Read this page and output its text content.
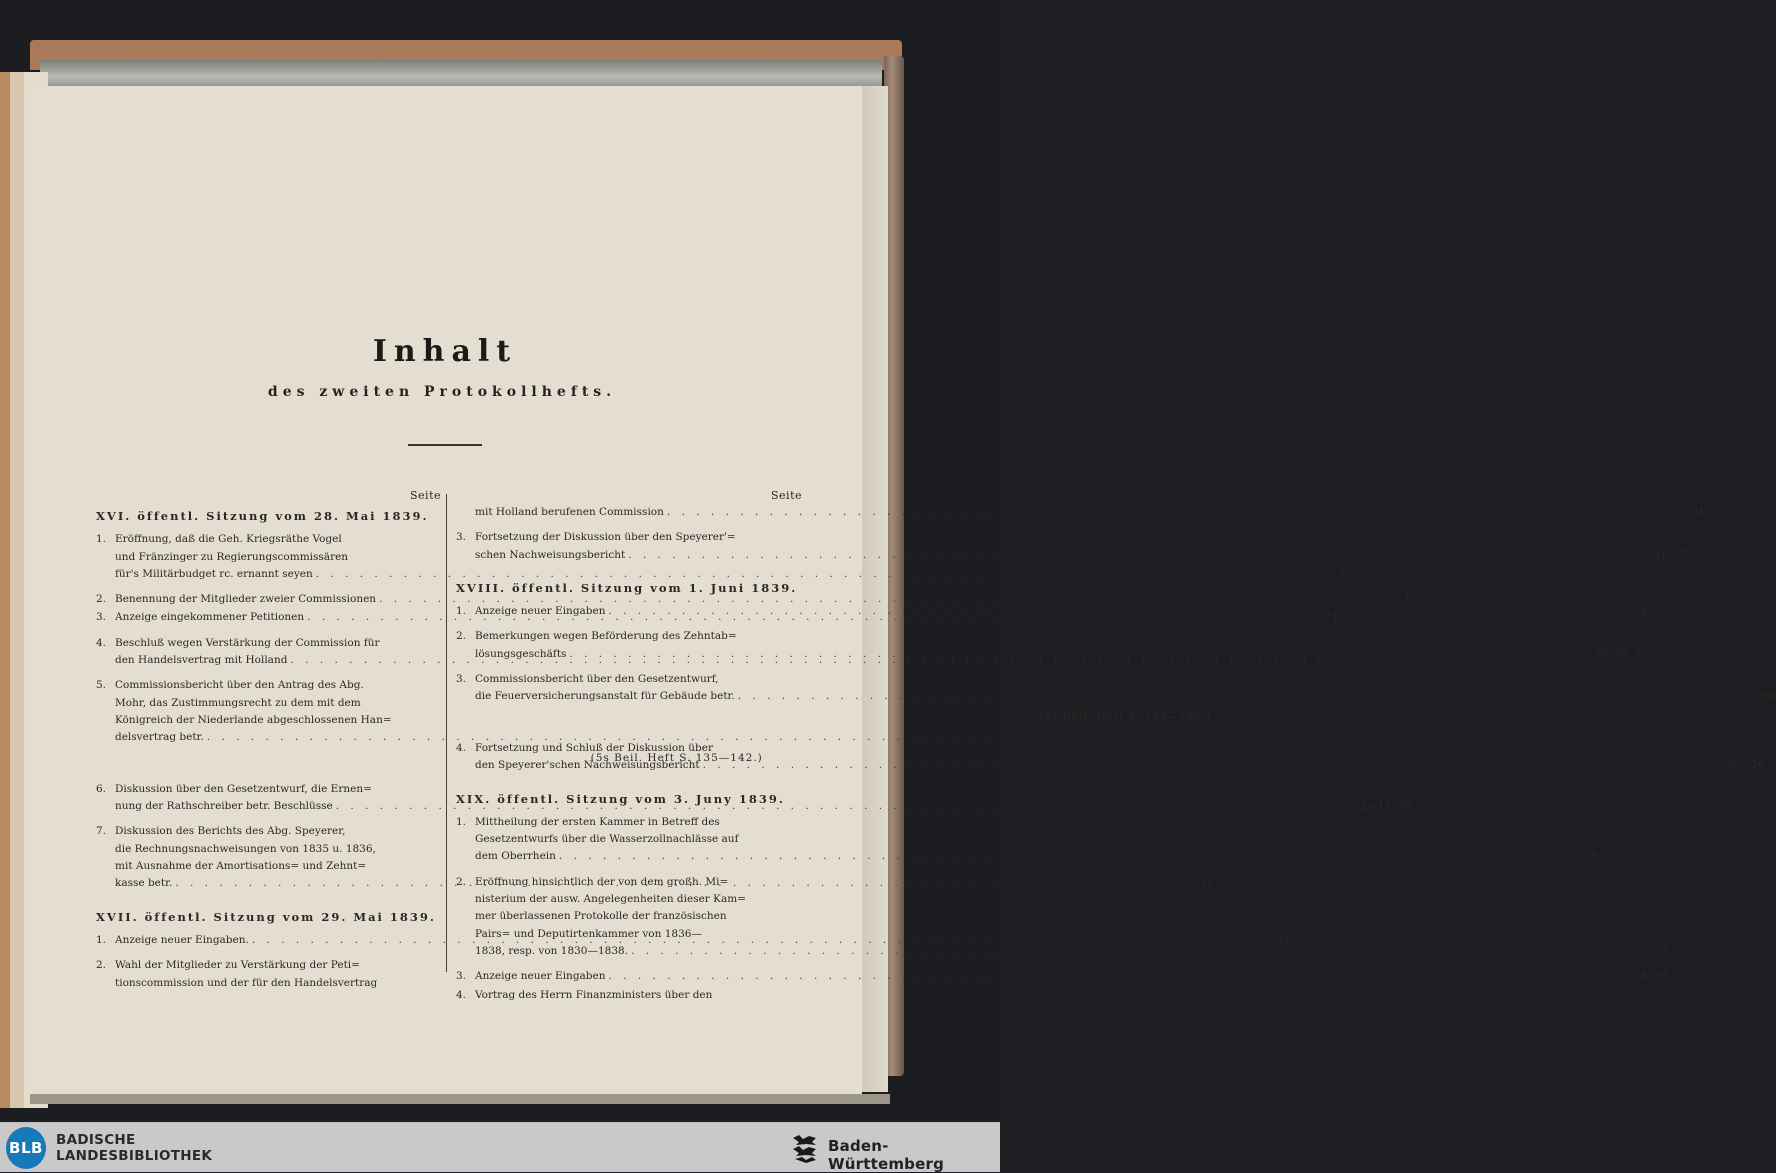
Inhalt
des zweiten Protokollhefts.
Seite
XVI. öffentl. Sitzung vom 28. Mai 1839.
1. Eröffnung, daß die Geh. Kriegsräthe Vogel
und Fränzinger zu Regierungscommissären
für's Militärbudget rc. ernannt seyen . . .	1
2. Benennung der Mitglieder zweier Commissionen . . .	1
3. Anzeige eingekommener Petitionen . . .	1, 2
4. Beschluß wegen Verstärkung der Commission für
den Handelsvertrag mit Holland . . .	2
5. Commissionsbericht über den Antrag des Abg.
Mohr, das Zustimmungsrecht zu dem mit dem
Königreich der Niederlande abgeschlossenen Han=
delsvertrag betr. . . .	2
(5s Beil. Heft S. 135—142.)
6. Diskussion über den Gesetzentwurf, die Ernen=
nung der Rathschreiber betr. Beschlüsse . . .	2—15, 30
7. Diskussion des Berichts des Abg. Speyerer,
die Rechnungsnachweisungen von 1835 u. 1836,
mit Ausnahme der Amortisations= und Zehnt=
kasse betr. . . .	15
XVII. öffentl. Sitzung vom 29. Mai 1839.
1. Anzeige neuer Eingaben. . . .	31
2. Wahl der Mitglieder zu Verstärkung der Peti=
tionscommission und der für den Handelsvertrag
Seite
mit Holland berufenen Commission . . .	31
3. Fortsetzung der Diskussion über den Speyerer'=
schen Nachweisungsbericht . . .	31—57
XVIII. öffentl. Sitzung vom 1. Juni 1839.
1. Anzeige neuer Eingaben . . .	58
2. Bemerkungen wegen Beförderung des Zehntab=
lösungsgeschäfts . . .	59, 60, 77
3. Commissionsbericht über den Gesetzentwurf,
die Feuerversicherungsanstalt für Gebäude betr. . . .	60
(5s Beil. Heft S. 145—190.)
4. Fortsetzung und Schluß der Diskussion über
den Speyerer'schen Nachweisungsbericht . . .	60—76
XIX. öffentl. Sitzung vom 3. Juny 1839.
1. Mittheilung der ersten Kammer in Betreff des
Gesetzentwurfs über die Wasserzollnachlässe auf
dem Oberrhein . . .	78
2. Eröffnung hinsichtlich der von dem großh. Mi=
nisterium der ausw. Angelegenheiten dieser Kam=
mer überlassenen Protokolle der französischen
Pairs= und Deputirtenkammer von 1836—
1838, resp. von 1830—1838. . . .	78
3. Anzeige neuer Eingaben . . .	78. 79.
4. Vortrag des Herrn Finanzministers über den
BLB BADISCHE
LANDESBIBLIOTHEK
Baden-Württemberg
